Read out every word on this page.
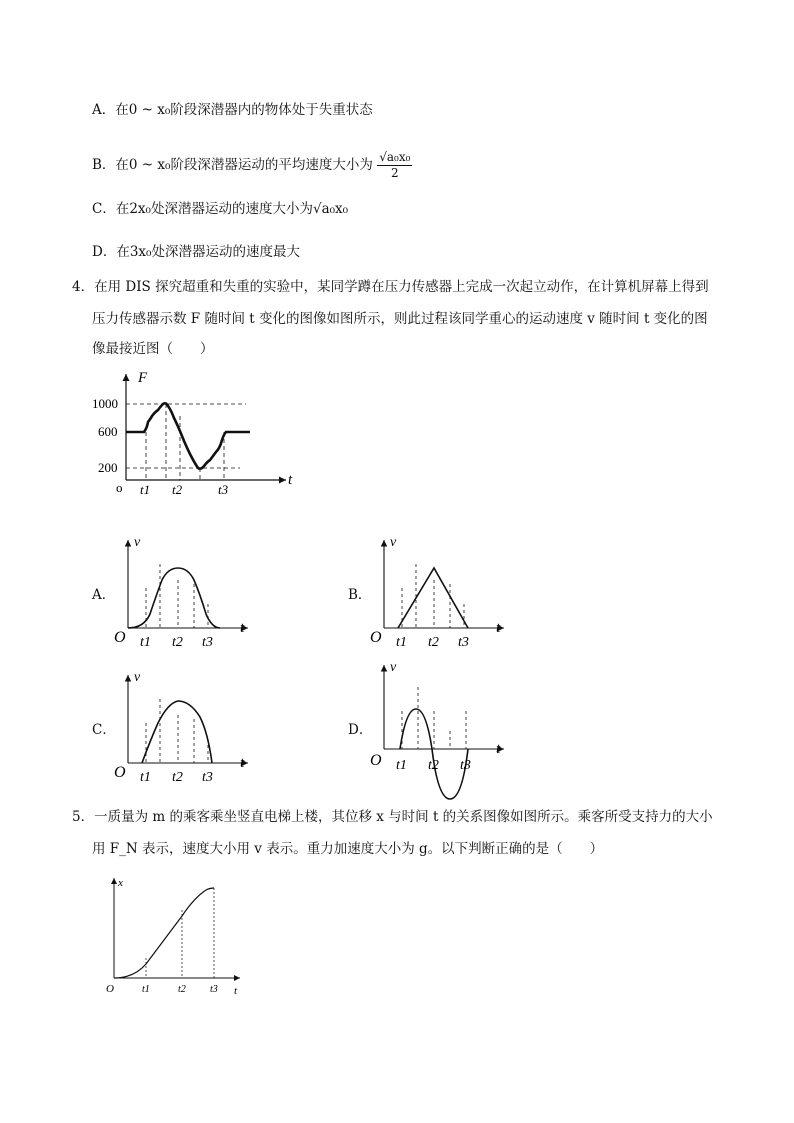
A．在0 ~ x₀阶段深潜器内的物体处于失重状态
B．在0 ~ x₀阶段深潜器运动的平均速度大小为 $\frac{\text{√a₀x₀}}{2}$
C．在2x₀处深潜器运动的速度大小为√a₀x₀
D．在3x₀处深潜器运动的速度最大
4．在用 DIS 探究超重和失重的实验中，某同学蹲在压力传感器上完成一次起立动作，在计算机屏幕上得到
压力传感器示数 F 随时间 t 变化的图像如图所示，则此过程该同学重心的运动速度 v 随时间 t 变化的图
像最接近图（　　）
F
t
o
1000
600
200
t1 t2	t3
A．
v
t
O t1 t2 t3
B．
v
t
O t1 t2 t3
C．
v
t
O t1 t2 t3
D．
v
t
O t1 t2 t3
5．一质量为 m 的乘客乘坐竖直电梯上楼，其位移 x 与时间 t 的关系图像如图所示。乘客所受支持力的大小
用 F_N 表示，速度大小用 v 表示。重力加速度大小为 g。以下判断正确的是（　　）
x
t
O	t1	t2 t3
